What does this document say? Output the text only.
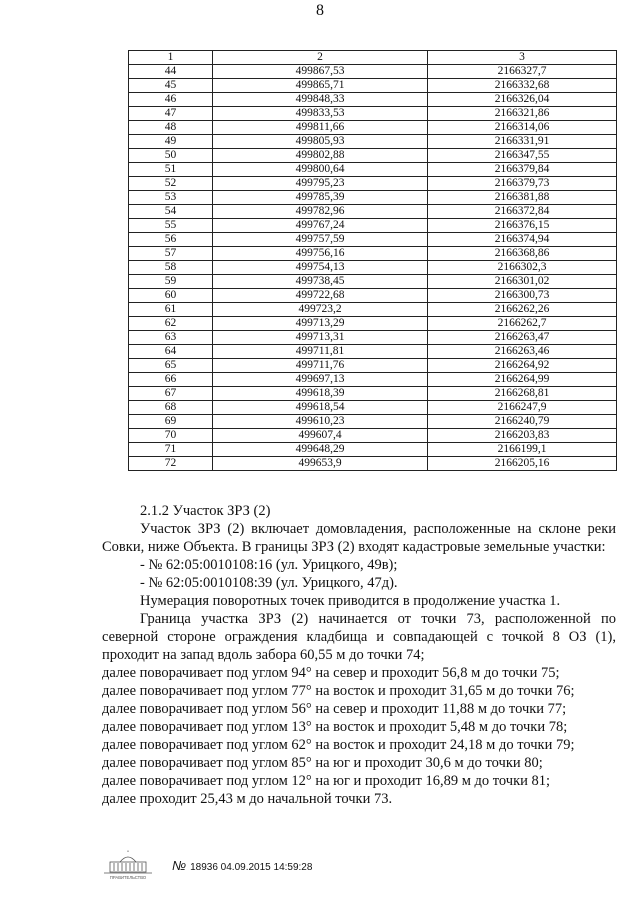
8
1	2	3
44	499867,53	2166327,7
45	499865,71	2166332,68
46	499848,33	2166326,04
47	499833,53	2166321,86
48	499811,66	2166314,06
49	499805,93	2166331,91
50	499802,88	2166347,55
51	499800,64	2166379,84
52	499795,23	2166379,73
53	499785,39	2166381,88
54	499782,96	2166372,84
55	499767,24	2166376,15
56	499757,59	2166374,94
57	499756,16	2166368,86
58	499754,13	2166302,3
59	499738,45	2166301,02
60	499722,68	2166300,73
61	499723,2	2166262,26
62	499713,29	2166262,7
63	499713,31	2166263,47
64	499711,81	2166263,46
65	499711,76	2166264,92
66	499697,13	2166264,99
67	499618,39	2166268,81
68	499618,54	2166247,9
69	499610,23	2166240,79
70	499607,4	2166203,83
71	499648,29	2166199,1
72	499653,9	2166205,16

2.1.2 Участок ЗРЗ (2)

Участок ЗРЗ (2) включает домовладения, расположенные на склоне реки Совки, ниже Объекта. В границы ЗРЗ (2) входят кадастровые земельные участки:

- № 62:05:0010108:16 (ул. Урицкого, 49в);

- № 62:05:0010108:39 (ул. Урицкого, 47д).

Нумерация поворотных точек приводится в продолжение участка 1.

Граница участка ЗРЗ (2) начинается от точки 73, расположенной по северной стороне ограждения кладбища и совпадающей с точкой 8 ОЗ (1), проходит на запад вдоль забора 60,55 м до точки 74;

далее поворачивает под углом 94° на север и проходит 56,8 м до точки 75;

далее поворачивает под углом 77° на восток и проходит 31,65 м до точки 76;

далее поворачивает под углом 56° на север и проходит 11,88 м до точки 77;

далее поворачивает под углом 13° на восток и проходит 5,48 м до точки 78;

далее поворачивает под углом 62° на восток и проходит 24,18 м до точки 79;

далее поворачивает под углом 85° на юг и проходит 30,6 м до точки 80;

далее поворачивает под углом 12° на юг и проходит 16,89 м до точки 81;

далее проходит 25,43 м до начальной точки 73.

ПРАВИТЕЛЬСТВО
№ 18936 04.09.2015 14:59:28
